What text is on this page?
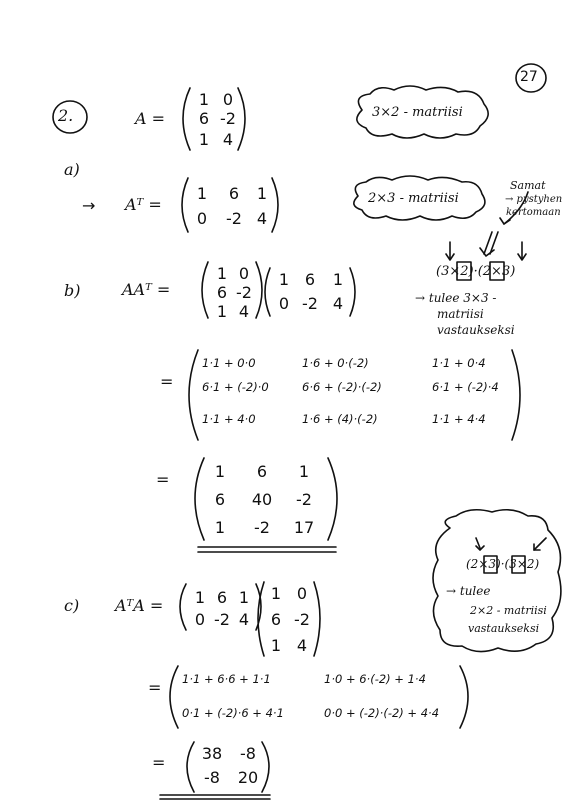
27
2.	A =	3×2 - matriisi
a)
→ Aᵀ =	2×3 - matriisi
Samat
→ pystyhen
kertomaan
(3×2)·(2×3)
→ tulee 3×3 -
matriisi
vastaukseksi
b)	AAᵀ =
=
=
(2×3)·(3×2)
→ tulee
2×2 - matriisi
vastaukseksi
c) AᵀA =
=
=
1 0
6 -2
1 4
1 6 1
0 -2 4
1 0
6 -2
1 4
1 6 1
0 -2 4
1 6 1
6 40 -2
1 -2 17
1 6 1
0 -2 4
1 0
6 -2
1 4
38 -8
-8 20
1·1 + 0·0	1·6 + 0·(-2)	1·1 + 0·4
6·1 + (-2)·0	6·6 + (-2)·(-2)	6·1 + (-2)·4
1·1 + 4·0	1·6 + (4)·(-2)	1·1 + 4·4
1·1 + 6·6 + 1·1	1·0 + 6·(-2) + 1·4
0·1 + (-2)·6 + 4·1	0·0 + (-2)·(-2) + 4·4
